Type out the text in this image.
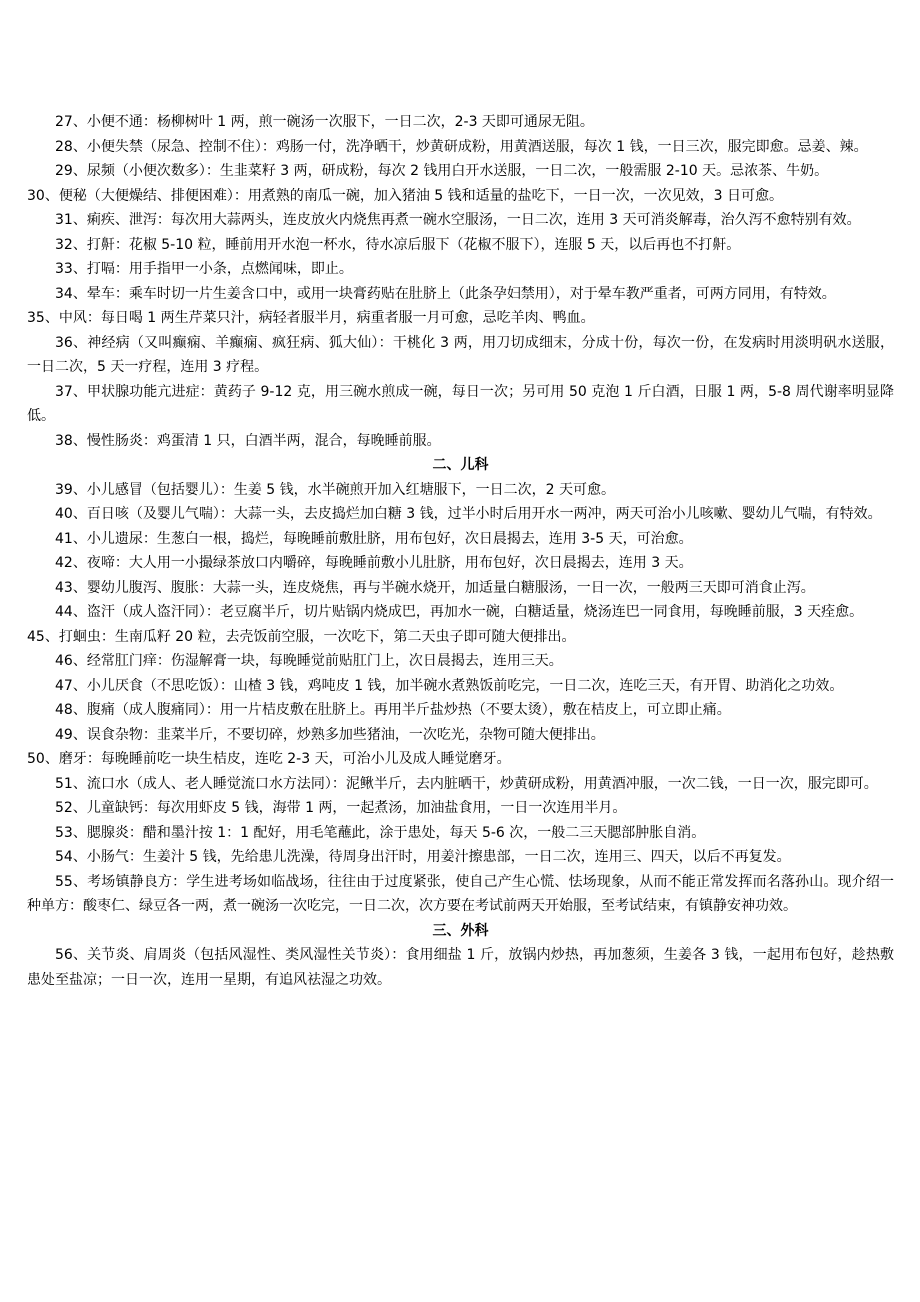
27、小便不通：杨柳树叶 1 两，煎一碗汤一次服下，一日二次，2-3 天即可通尿无阻。

28、小便失禁（尿急、控制不住）：鸡肠一付，洗净晒干，炒黄研成粉，用黄酒送服，每次 1 钱，一日三次，服完即愈。忌姜、辣。

29、尿频（小便次数多）：生韭菜籽 3 两，研成粉，每次 2 钱用白开水送服，一日二次，一般需服 2-10 天。忌浓茶、牛奶。

30、便秘（大便燥结、排便困难）：用煮熟的南瓜一碗，加入猪油 5 钱和适量的盐吃下，一日一次，一次见效，3 日可愈。

31、痢疾、泄泻：每次用大蒜两头，连皮放火内烧焦再煮一碗水空服汤，一日二次，连用 3 天可消炎解毒，治久泻不愈特别有效。

32、打鼾：花椒 5-10 粒，睡前用开水泡一杯水，待水凉后服下（花椒不服下），连服 5 天，以后再也不打鼾。

33、打嗝：用手指甲一小条，点燃闻味，即止。

34、晕车：乘车时切一片生姜含口中，或用一块膏药贴在肚脐上（此条孕妇禁用），对于晕车教严重者，可两方同用，有特效。

35、中风：每日喝 1 两生芹菜只汁，病轻者服半月，病重者服一月可愈，忌吃羊肉、鸭血。

36、神经病（又叫癫痫、羊癫痫、疯狂病、狐大仙）：干桃化 3 两，用刀切成细末，分成十份，每次一份，在发病时用淡明矾水送服，一日二次，5 天一疗程，连用 3 疗程。

37、甲状腺功能亢进症：黄药子 9-12 克，用三碗水煎成一碗，每日一次；另可用 50 克泡 1 斤白酒，日服 1 两，5-8 周代谢率明显降低。

38、慢性肠炎：鸡蛋清 1 只，白酒半两，混合，每晚睡前服。

二、儿科

39、小儿感冒（包括婴儿）：生姜 5 钱，水半碗煎开加入红塘服下，一日二次，2 天可愈。

40、百日咳（及婴儿气喘）：大蒜一头，去皮捣烂加白糖 3 钱，过半小时后用开水一两冲，两天可治小儿咳嗽、婴幼儿气喘，有特效。

41、小儿遗尿：生葱白一根，捣烂，每晚睡前敷肚脐，用布包好，次日晨揭去，连用 3-5 天，可治愈。

42、夜啼：大人用一小撮绿茶放口内嚼碎，每晚睡前敷小儿肚脐，用布包好，次日晨揭去，连用 3 天。

43、婴幼儿腹泻、腹胀：大蒜一头，连皮烧焦，再与半碗水烧开，加适量白糖服汤，一日一次，一般两三天即可消食止泻。

44、盗汗（成人盗汗同）：老豆腐半斤，切片贴锅内烧成巴，再加水一碗，白糖适量，烧汤连巴一同食用，每晚睡前服，3 天痊愈。

45、打蛔虫：生南瓜籽 20 粒，去壳饭前空服，一次吃下，第二天虫子即可随大便排出。

46、经常肛门痒：伤湿解膏一块，每晚睡觉前贴肛门上，次日晨揭去，连用三天。

47、小儿厌食（不思吃饭）：山楂 3 钱，鸡吨皮 1 钱，加半碗水煮熟饭前吃完，一日二次，连吃三天，有开胃、助消化之功效。

48、腹痛（成人腹痛同）：用一片桔皮敷在肚脐上。再用半斤盐炒热（不要太烫），敷在桔皮上，可立即止痛。

49、误食杂物：韭菜半斤，不要切碎，炒熟多加些猪油，一次吃光，杂物可随大便排出。

50、磨牙：每晚睡前吃一块生桔皮，连吃 2-3 天，可治小儿及成人睡觉磨牙。

51、流口水（成人、老人睡觉流口水方法同）：泥鳅半斤，去内脏晒干，炒黄研成粉，用黄酒冲服，一次二钱，一日一次，服完即可。

52、儿童缺钙：每次用虾皮 5 钱，海带 1 两，一起煮汤，加油盐食用，一日一次连用半月。

53、腮腺炎：醋和墨汁按 1：1 配好，用毛笔蘸此，涂于患处，每天 5-6 次，一般二三天腮部肿胀自消。

54、小肠气：生姜汁 5 钱，先给患儿洗澡，待周身出汗时，用姜汁擦患部，一日二次，连用三、四天，以后不再复发。

55、考场镇静良方：学生进考场如临战场，往往由于过度紧张，使自己产生心慌、怯场现象，从而不能正常发挥而名落孙山。现介绍一种单方：酸枣仁、绿豆各一两，煮一碗汤一次吃完，一日二次，次方要在考试前两天开始服，至考试结束，有镇静安神功效。

三、外科

56、关节炎、肩周炎（包括风湿性、类风湿性关节炎）：食用细盐 1 斤，放锅内炒热，再加葱须，生姜各 3 钱，一起用布包好，趁热敷患处至盐凉；一日一次，连用一星期，有追风祛湿之功效。
